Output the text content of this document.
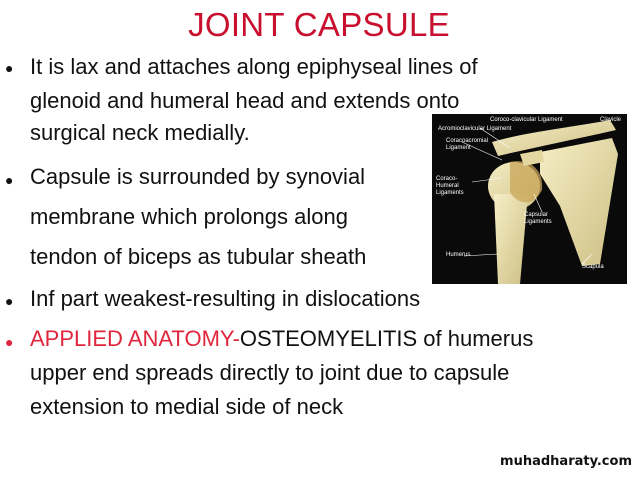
JOINT CAPSULE
● It is lax and attaches along epiphyseal lines of
glenoid and humeral head and extends onto
surgical neck medially.
● Capsule is surrounded by synovial
membrane which prolongs along
tendon of biceps as tubular sheath
● Inf part weakest-resulting in dislocations
● APPLIED ANATOMY-OSTEOMYELITIS of humerus
upper end spreads directly to joint due to capsule
extension to medial side of neck
Coroco-clavicular Ligament	Clavicle
Acromioclavicular Ligament
Coracoacromial Ligament
Coraco-Humeral Ligaments
Capsular Ligaments
Humerus
Scapula
muhadharaty.com
